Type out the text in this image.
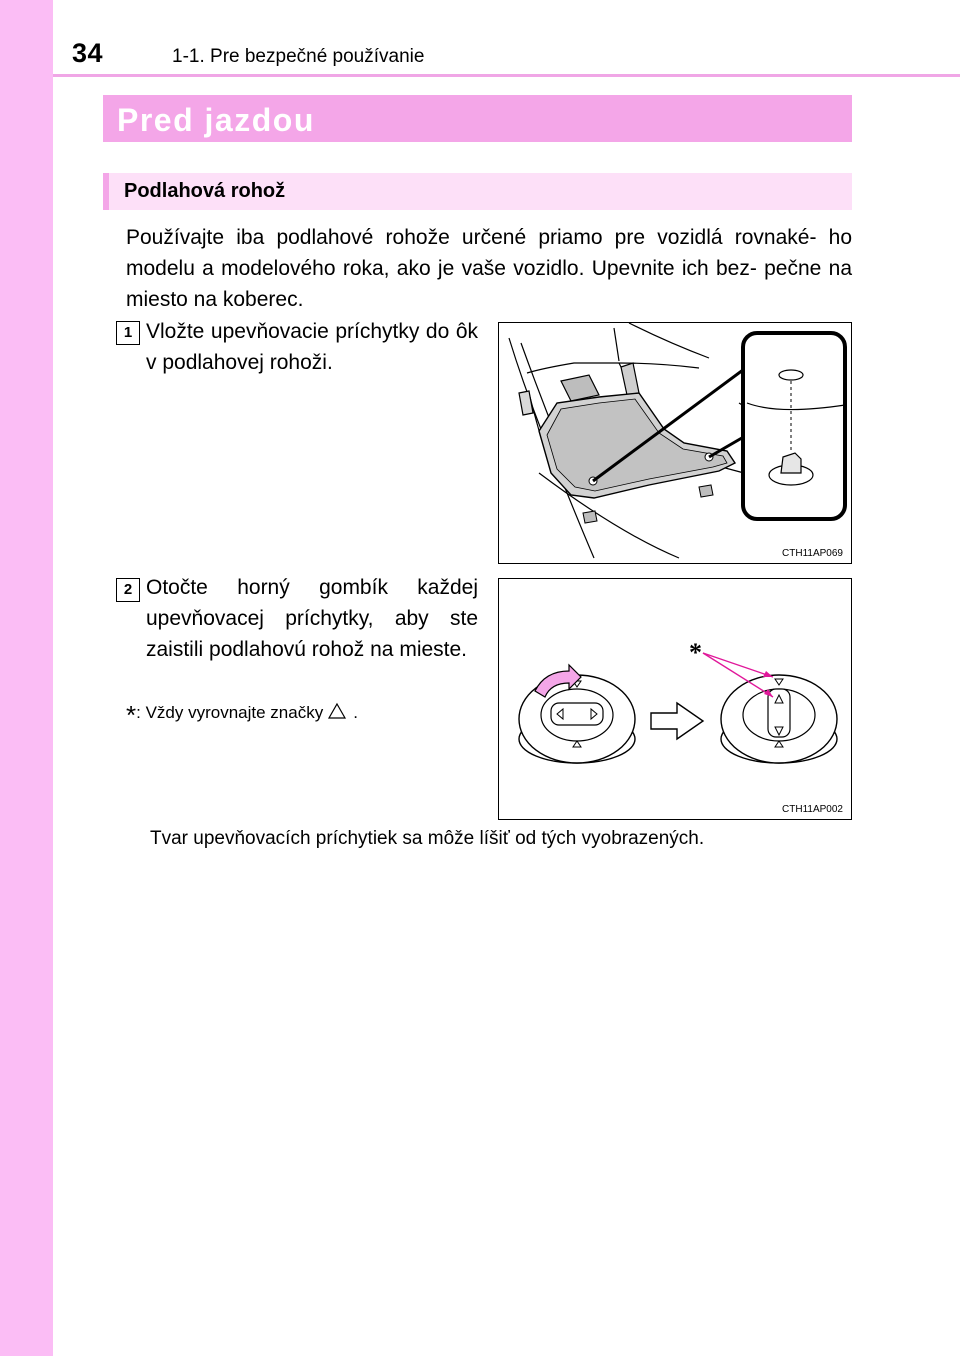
34	1-1. Pre bezpečné používanie
Pred jazdou
Podlahová rohož
Používajte iba podlahové rohože určené priamo pre vozidlá rovnaké- ho modelu a modelového roka, ako je vaše vozidlo. Upevnite ich bez- pečne na miesto na koberec.
1 Vložte upevňovacie príchytky do ôk v podlahovej rohoži.
CTH11AP069
2 Otočte horný gombík každej upevňovacej príchytky, aby ste zaistili podlahovú rohož na mieste.
*: Vždy vyrovnajte značky .
*
CTH11AP002
Tvar upevňovacích príchytiek sa môže líšiť od tých vyobrazených.
